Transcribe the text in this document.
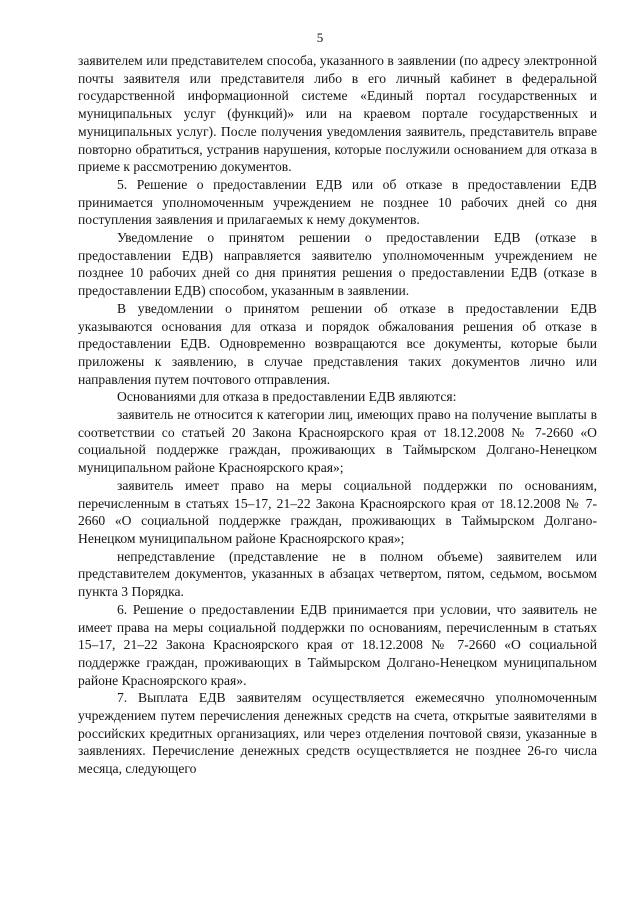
5

заявителем или представителем способа, указанного в заявлении (по адресу электронной почты заявителя или представителя либо в его личный кабинет в федеральной государственной информационной системе «Единый портал государственных и муниципальных услуг (функций)» или на краевом портале государственных и муниципальных услуг). После получения уведомления заявитель, представитель вправе повторно обратиться, устранив нарушения, которые послужили основанием для отказа в приеме к рассмотрению документов.

5. Решение о предоставлении ЕДВ или об отказе в предоставлении ЕДВ принимается уполномоченным учреждением не позднее 10 рабочих дней со дня поступления заявления и прилагаемых к нему документов.

Уведомление о принятом решении о предоставлении ЕДВ (отказе в предоставлении ЕДВ) направляется заявителю уполномоченным учреждением не позднее 10 рабочих дней со дня принятия решения о предоставлении ЕДВ (отказе в предоставлении ЕДВ) способом, указанным в заявлении.

В уведомлении о принятом решении об отказе в предоставлении ЕДВ указываются основания для отказа и порядок обжалования решения об отказе в предоставлении ЕДВ. Одновременно возвращаются все документы, которые были приложены к заявлению, в случае представления таких документов лично или направления путем почтового отправления.

Основаниями для отказа в предоставлении ЕДВ являются:

заявитель не относится к категории лиц, имеющих право на получение выплаты в соответствии со статьей 20 Закона Красноярского края от 18.12.2008 № 7-2660 «О социальной поддержке граждан, проживающих в Таймырском Долгано-Ненецком муниципальном районе Красноярского края»;

заявитель имеет право на меры социальной поддержки по основаниям, перечисленным в статьях 15–17, 21–22 Закона Красноярского края от 18.12.2008 № 7-2660 «О социальной поддержке граждан, проживающих в Таймырском Долгано-Ненецком муниципальном районе Красноярского края»;

непредставление (представление не в полном объеме) заявителем или представителем документов, указанных в абзацах четвертом, пятом, седьмом, восьмом пункта 3 Порядка.

6. Решение о предоставлении ЕДВ принимается при условии, что заявитель не имеет права на меры социальной поддержки по основаниям, перечисленным в статьях 15–17, 21–22 Закона Красноярского края от 18.12.2008 № 7-2660 «О социальной поддержке граждан, проживающих в Таймырском Долгано-Ненецком муниципальном районе Красноярского края».

7. Выплата ЕДВ заявителям осуществляется ежемесячно уполномоченным учреждением путем перечисления денежных средств на счета, открытые заявителями в российских кредитных организациях, или через отделения почтовой связи, указанные в заявлениях. Перечисление денежных средств осуществляется не позднее 26-го числа месяца, следующего
